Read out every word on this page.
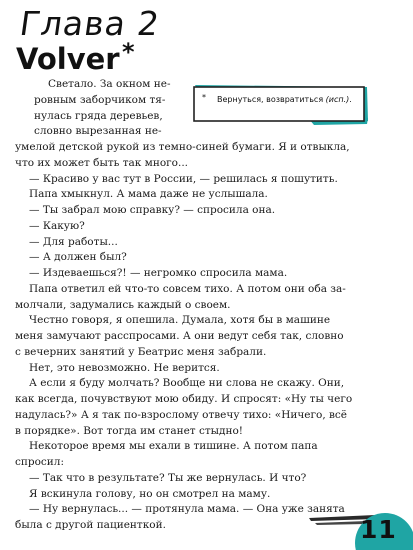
Глава 2
Volver *
* Вернуться, возвратиться (исп.).
Светало. За окном не-
ровным заборчиком тя-
нулась гряда деревьев,
словно вырезанная не-
умелой детской рукой из темно-синей бумаги. Я и отвыкла,
что их может быть так много...
— Красиво у вас тут в России, — решилась я пошутить.
Папа хмыкнул. А мама даже не услышала.
— Ты забрал мою справку? — спросила она.
— Какую?
— Для работы...
— А должен был?
— Издеваешься?! — негромко спросила мама.
Папа ответил ей что-то совсем тихо. А потом они оба за-
молчали, задумались каждый о своем.
Честно говоря, я опешила. Думала, хотя бы в машине
меня замучают расспросами. А они ведут себя так, словно
с вечерних занятий у Беатрис меня забрали.
Нет, это невозможно. Не верится.
А если я буду молчать? Вообще ни слова не скажу. Они,
как всегда, почувствуют мою обиду. И спросят: «Ну ты чего
надулась?» А я так по-взрослому отвечу тихо: «Ничего, всё
в порядке». Вот тогда им станет стыдно!
Некоторое время мы ехали в тишине. А потом папа
спросил:
— Так что в результате? Ты же вернулась. И что?
Я вскинула голову, но он смотрел на маму.
— Ну вернулась... — протянула мама. — Она уже занята
была с другой пациенткой.	11
